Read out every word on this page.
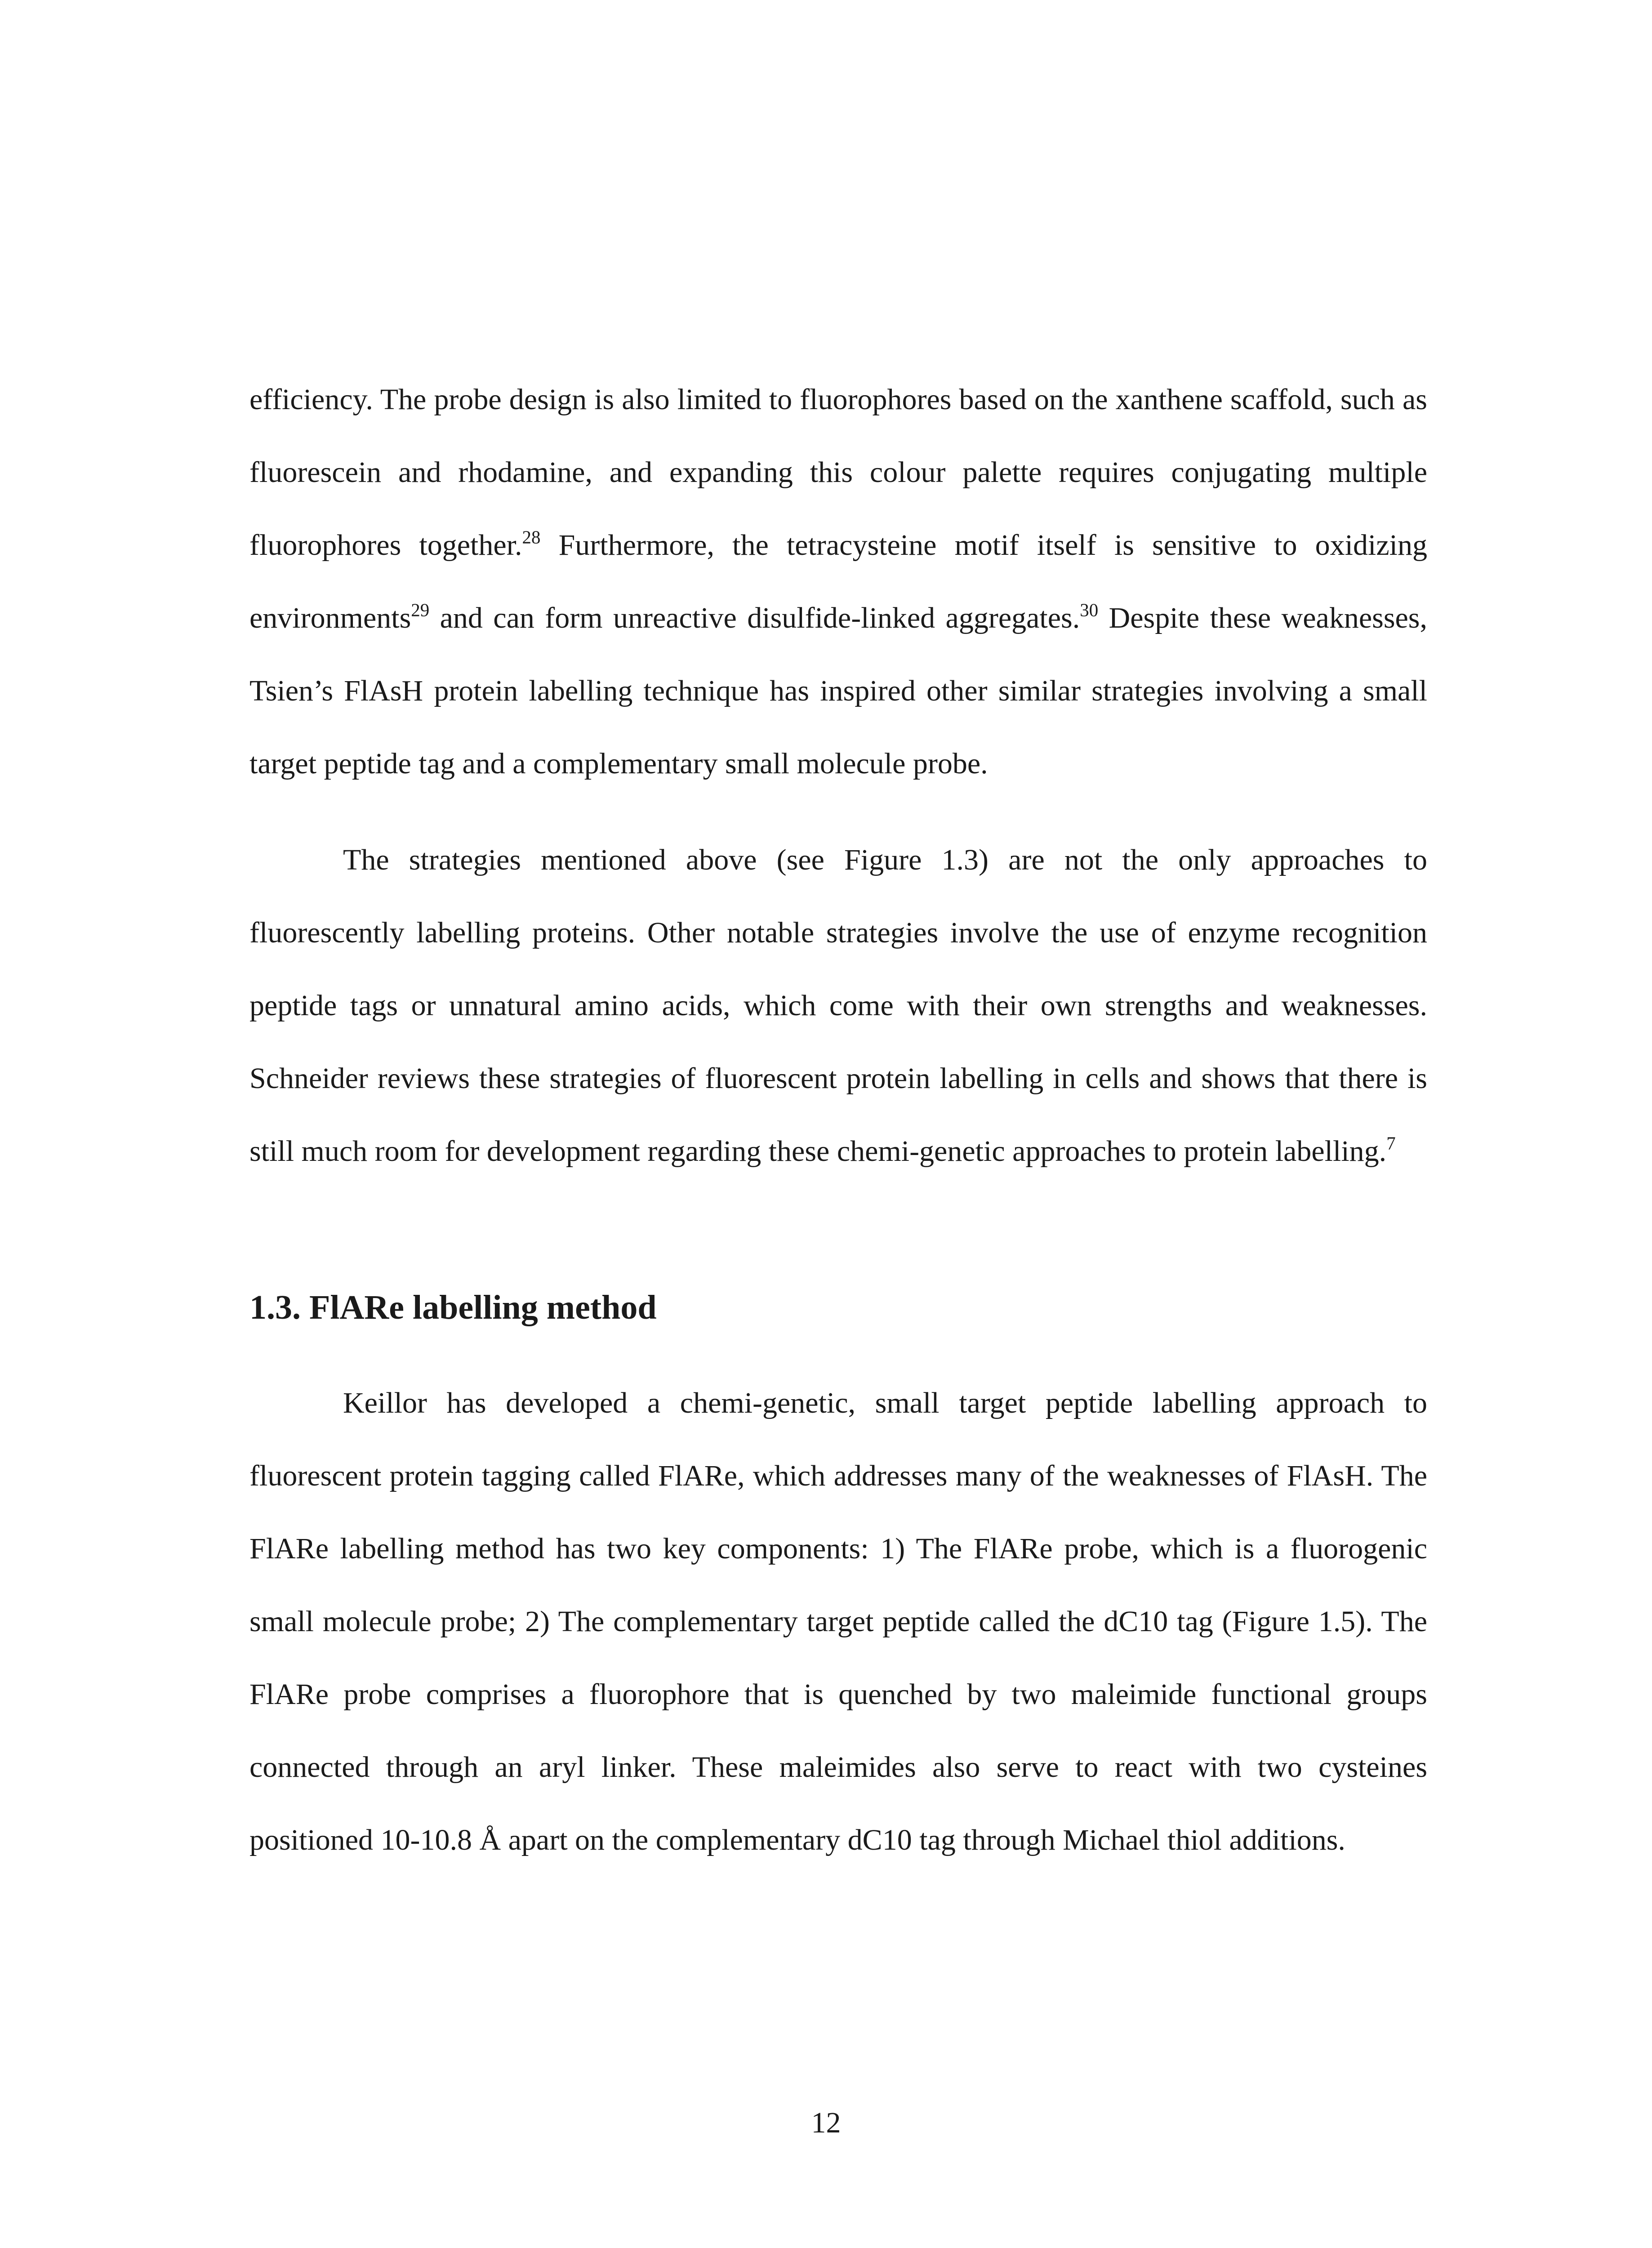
efficiency. The probe design is also limited to fluorophores based on the xanthene scaffold, such as fluorescein and rhodamine, and expanding this colour palette requires conjugating multiple fluorophores together.$^{28}$ Furthermore, the tetracysteine motif itself is sensitive to oxidizing environments$^{29}$ and can form unreactive disulfide-linked aggregates.$^{30}$ Despite these weaknesses, Tsien’s FlAsH protein labelling technique has inspired other similar strategies involving a small target peptide tag and a complementary small molecule probe.

The strategies mentioned above (see Figure 1.3) are not the only approaches to fluorescently labelling proteins. Other notable strategies involve the use of enzyme recognition peptide tags or unnatural amino acids, which come with their own strengths and weaknesses. Schneider reviews these strategies of fluorescent protein labelling in cells and shows that there is still much room for development regarding these chemi-genetic approaches to protein labelling.$^7$

1.3. FlARe labelling method

Keillor has developed a chemi-genetic, small target peptide labelling approach to fluorescent protein tagging called FlARe, which addresses many of the weaknesses of FlAsH. The FlARe labelling method has two key components: 1) The FlARe probe, which is a fluorogenic small molecule probe; 2) The complementary target peptide called the dC10 tag (Figure 1.5). The FlARe probe comprises a fluorophore that is quenched by two maleimide functional groups connected through an aryl linker. These maleimides also serve to react with two cysteines positioned 10-10.8 Å apart on the complementary dC10 tag through Michael thiol additions.

12
